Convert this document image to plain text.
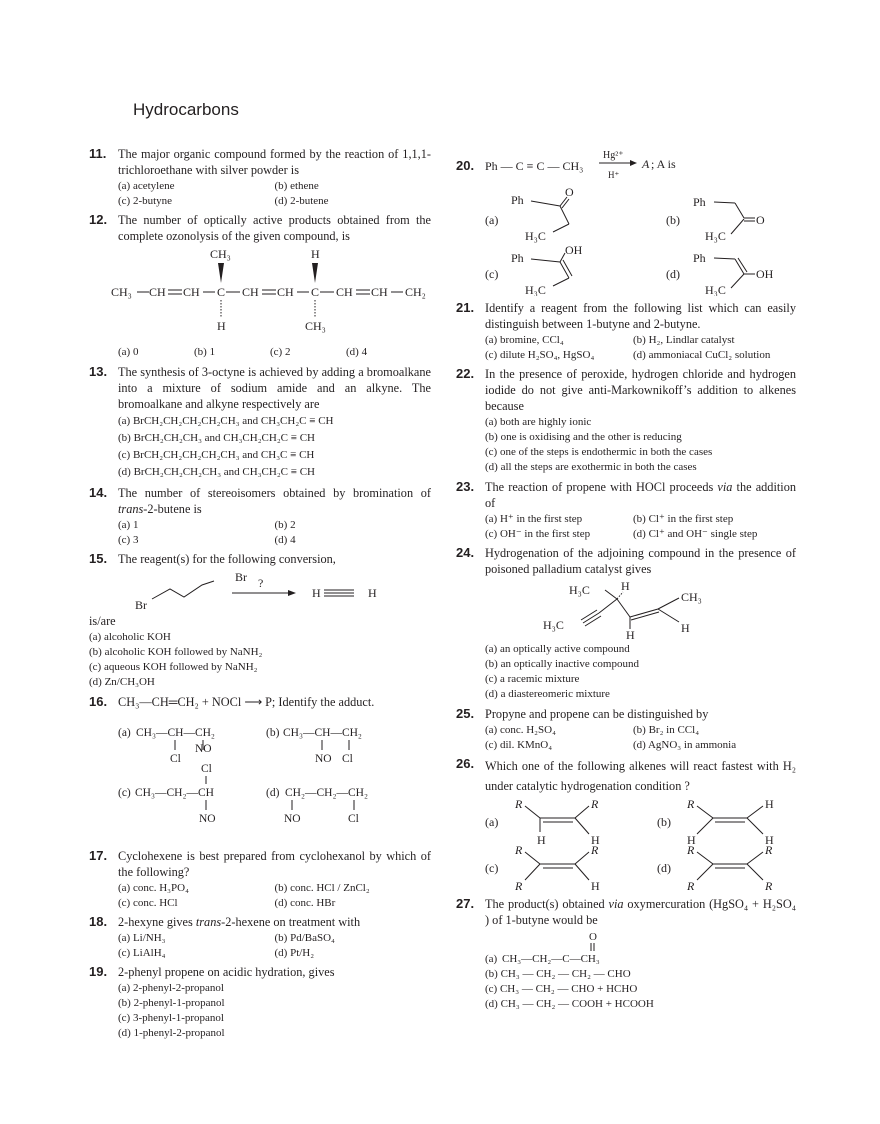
Hydrocarbons
11. The major organic compound formed by the reaction of 1,1,1-trichloroethane with silver powder is
(a) acetylene	(b) ethene
(c) 2-butyne	(d) 2-butene
12. The number of optically active products obtained from the complete ozonolysis of the given compound, is
CH₃ CH CH C CH CH C CH CH CH₂
CH₃
H
H
CH₃
(a) 0	(b) 1	(c) 2	(d) 4
13. The synthesis of 3-octyne is achieved by adding a bromoalkane into a mixture of sodium amide and an alkyne. The bromoalkane and alkyne respectively are
(a) BrCH₂CH₂CH₂CH₂CH₃ and CH₃CH₂C ≡ CH
(b) BrCH₂CH₂CH₃ and CH₃CH₂CH₂C ≡ CH
(c) BrCH₂CH₂CH₂CH₂CH₃ and CH₃C ≡ CH
(d) BrCH₂CH₂CH₂CH₃ and CH₃CH₂C ≡ CH
14. The number of stereoisomers obtained by bromination of trans-2-butene is
(a) 1	(b) 2
(c) 3	(d) 4
15. The reagent(s) for the following conversion,
Br
Br
?
H	H
is/are
(a) alcoholic KOH
(b) alcoholic KOH followed by NaNH₂
(c) aqueous KOH followed by NaNH₂
(d) Zn/CH₃OH
16. CH₃—CH═CH₂ + NOCl ⟶ P; Identify the adduct.
(a) CH₃—CH—CH₂
Cl
NO
(b) CH₃—CH—CH₂
NO Cl
Cl
(c) CH₃—CH₂—CH
NO
(d) CH₂—CH₂—CH₂
NO	Cl
17. Cyclohexene is best prepared from cyclohexanol by which of the following?
(a) conc. H₃PO₄	(b) conc. HCl / ZnCl₂
(c) conc. HCl	(d) conc. HBr
18. 2-hexyne gives trans-2-hexene on treatment with
(a) Li/NH₃	(b) Pd/BaSO₄
(c) LiAlH₄	(d) Pt/H₂
19. 2-phenyl propene on acidic hydration, gives
(a) 2-phenyl-2-propanol
(b) 2-phenyl-1-propanol
(c) 3-phenyl-1-propanol
(d) 1-phenyl-2-propanol
20. Ph — C ≡ C — CH₃
Hg²⁺
H⁺
A ; A is
(a)
Ph
O
H₃C
(b)
Ph
O
H₃C
(c)
Ph
OH
H₃C
(d)
Ph
OH
H₃C
21. Identify a reagent from the following list which can easily distinguish between 1-butyne and 2-butyne.
(a) bromine, CCl₄	(b) H₂, Lindlar catalyst
(c) dilute H₂SO₄, HgSO₄	(d) ammoniacal CuCl₂ solution
22. In the presence of peroxide, hydrogen chloride and hydrogen iodide do not give anti-Markownikoff’s addition to alkenes because
(a) both are highly ionic
(b) one is oxidising and the other is reducing
(c) one of the steps is endothermic in both the cases
(d) all the steps are exothermic in both the cases
23. The reaction of propene with HOCl proceeds via the addition of
(a) H⁺ in the first step	(b) Cl⁺ in the first step
(c) OH⁻ in the first step	(d) Cl⁺ and OH⁻ single step
24. Hydrogenation of the adjoining compound in the presence of poisoned palladium catalyst gives
H₃C	H
CH₃
H
H
H₃C
(a) an optically active compound
(b) an optically inactive compound
(c) a racemic mixture
(d) a diastereomeric mixture
25. Propyne and propene can be distinguished by
(a) conc. H₂SO₄	(b) Br₂ in CCl₄
(c) dil. KMnO₄	(d) AgNO₃ in ammonia
26. Which one of the following alkenes will react fastest with H₂ under catalytic hydrogenation condition ?
(a)
R	R
H	H
(b)
R	H
H	H
(c)
R	R
R	H
(d)
R	R
R	R
27. The product(s) obtained via oxymercuration (HgSO₄ + H₂SO₄ ) of 1-butyne would be
O
(a) CH₃—CH₂—C—CH₃
(b) CH₃ — CH₂ — CH₂ — CHO
(c) CH₃ — CH₂ — CHO + HCHO
(d) CH₃ — CH₂ — COOH + HCOOH
